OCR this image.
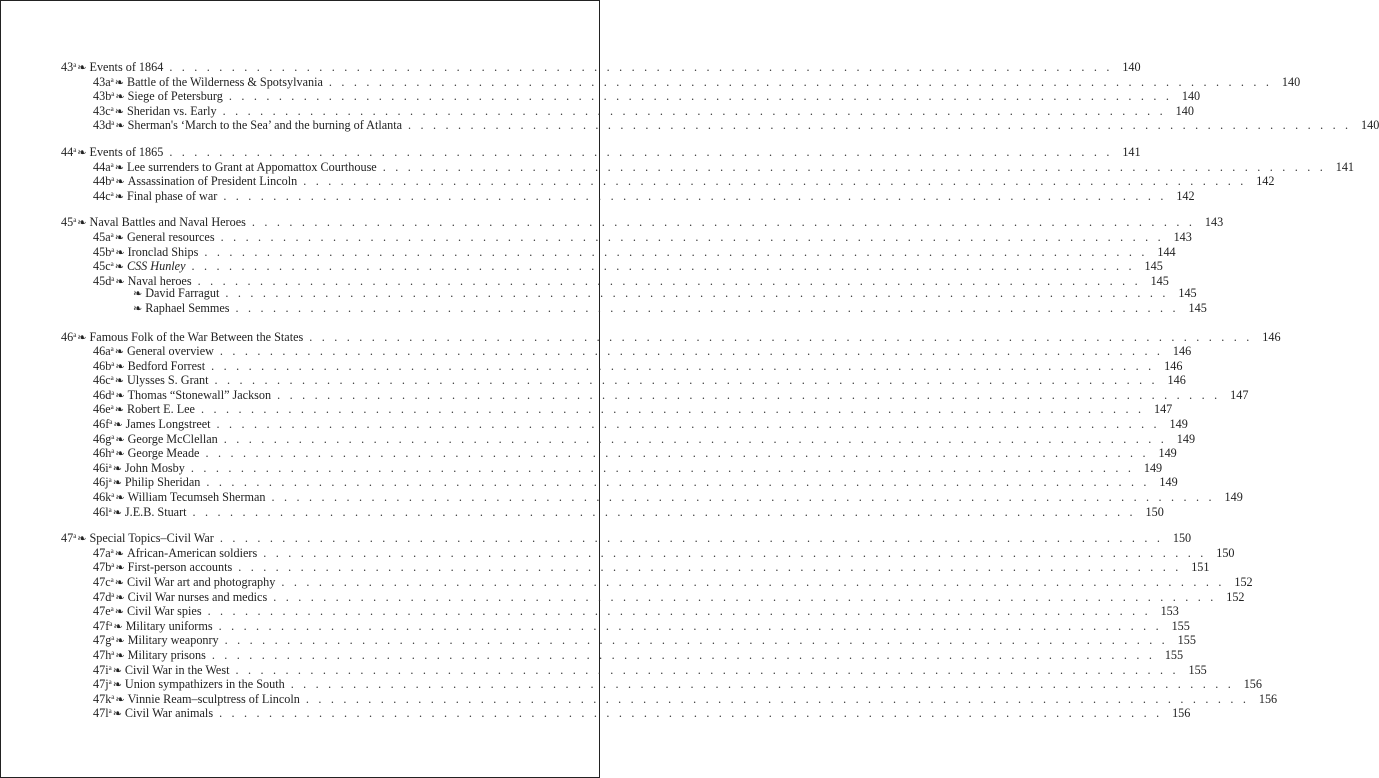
43$^a$ ❧ Events of 1864 . . . . . . . . . . . . . . . . . . . . . . . . . . . . . . . . . . . . . . . . . . . . . . . . . . . . . . . . . . . . . . . . . . . . . . . . . . . . 140
$43a^a$ ❧ Battle of the Wilderness & Spotsylvania . . . . . . . . . . . . . . . . . . . . . . . . . . . . . . . . . . . . . . . . . . . . . . . . . . . . . . . . . . . . . . . . . . . . . . . . . . . . 140
$43b^a$ ❧ Siege of Petersburg . . . . . . . . . . . . . . . . . . . . . . . . . . . . . . . . . . . . . . . . . . . . . . . . . . . . . . . . . . . . . . . . . . . . . . . . . . . . 140
$43c^a$ ❧ Sheridan vs. Early . . . . . . . . . . . . . . . . . . . . . . . . . . . . . . . . . . . . . . . . . . . . . . . . . . . . . . . . . . . . . . . . . . . . . . . . . . . . 140
$43d^a$ ❧ Sherman's ‘March to the Sea’ and the burning of Atlanta . . . . . . . . . . . . . . . . . . . . . . . . . . . . . . . . . . . . . . . . . . . . . . . . . . . . . . . . . . . . . . . . . . . . . . . . . . . . 140
44$^a$ ❧ Events of 1865 . . . . . . . . . . . . . . . . . . . . . . . . . . . . . . . . . . . . . . . . . . . . . . . . . . . . . . . . . . . . . . . . . . . . . . . . . . . . 141
$44a^a$ ❧ Lee surrenders to Grant at Appomattox Courthouse . . . . . . . . . . . . . . . . . . . . . . . . . . . . . . . . . . . . . . . . . . . . . . . . . . . . . . . . . . . . . . . . . . . . . . . . . . . . 141
$44b^a$ ❧ Assassination of President Lincoln . . . . . . . . . . . . . . . . . . . . . . . . . . . . . . . . . . . . . . . . . . . . . . . . . . . . . . . . . . . . . . . . . . . . . . . . . . . . 142
$44c^a$ ❧ Final phase of war . . . . . . . . . . . . . . . . . . . . . . . . . . . . . . . . . . . . . . . . . . . . . . . . . . . . . . . . . . . . . . . . . . . . . . . . . . . . 142
45$^a$ ❧ Naval Battles and Naval Heroes . . . . . . . . . . . . . . . . . . . . . . . . . . . . . . . . . . . . . . . . . . . . . . . . . . . . . . . . . . . . . . . . . . . . . . . . . . . . 143
$45a^a$ ❧ General resources . . . . . . . . . . . . . . . . . . . . . . . . . . . . . . . . . . . . . . . . . . . . . . . . . . . . . . . . . . . . . . . . . . . . . . . . . . . . 143
$45b^a$ ❧ Ironclad Ships . . . . . . . . . . . . . . . . . . . . . . . . . . . . . . . . . . . . . . . . . . . . . . . . . . . . . . . . . . . . . . . . . . . . . . . . . . . . 144
$45c^a$ ❧ CSS Hunley . . . . . . . . . . . . . . . . . . . . . . . . . . . . . . . . . . . . . . . . . . . . . . . . . . . . . . . . . . . . . . . . . . . . . . . . . . . . 145
$45d^a$ ❧ Naval heroes . . . . . . . . . . . . . . . . . . . . . . . . . . . . . . . . . . . . . . . . . . . . . . . . . . . . . . . . . . . . . . . . . . . . . . . . . . . . 145
❧ David Farragut . . . . . . . . . . . . . . . . . . . . . . . . . . . . . . . . . . . . . . . . . . . . . . . . . . . . . . . . . . . . . . . . . . . . . . . . . . . . 145
❧ Raphael Semmes . . . . . . . . . . . . . . . . . . . . . . . . . . . . . . . . . . . . . . . . . . . . . . . . . . . . . . . . . . . . . . . . . . . . . . . . . . . . 145
46$^a$ ❧ Famous Folk of the War Between the States . . . . . . . . . . . . . . . . . . . . . . . . . . . . . . . . . . . . . . . . . . . . . . . . . . . . . . . . . . . . . . . . . . . . . . . . . . . . 146
$46a^a$ ❧ General overview . . . . . . . . . . . . . . . . . . . . . . . . . . . . . . . . . . . . . . . . . . . . . . . . . . . . . . . . . . . . . . . . . . . . . . . . . . . . 146
$46b^a$ ❧ Bedford Forrest . . . . . . . . . . . . . . . . . . . . . . . . . . . . . . . . . . . . . . . . . . . . . . . . . . . . . . . . . . . . . . . . . . . . . . . . . . . . 146
$46c^a$ ❧ Ulysses S. Grant . . . . . . . . . . . . . . . . . . . . . . . . . . . . . . . . . . . . . . . . . . . . . . . . . . . . . . . . . . . . . . . . . . . . . . . . . . . . 146
$46d^a$ ❧ Thomas “Stonewall” Jackson . . . . . . . . . . . . . . . . . . . . . . . . . . . . . . . . . . . . . . . . . . . . . . . . . . . . . . . . . . . . . . . . . . . . . . . . . . . . 147
$46e^a$ ❧ Robert E. Lee . . . . . . . . . . . . . . . . . . . . . . . . . . . . . . . . . . . . . . . . . . . . . . . . . . . . . . . . . . . . . . . . . . . . . . . . . . . . 147
$46f^a$ ❧ James Longstreet . . . . . . . . . . . . . . . . . . . . . . . . . . . . . . . . . . . . . . . . . . . . . . . . . . . . . . . . . . . . . . . . . . . . . . . . . . . . 149
$46g^a$ ❧ George McClellan . . . . . . . . . . . . . . . . . . . . . . . . . . . . . . . . . . . . . . . . . . . . . . . . . . . . . . . . . . . . . . . . . . . . . . . . . . . . 149
$46h^a$ ❧ George Meade . . . . . . . . . . . . . . . . . . . . . . . . . . . . . . . . . . . . . . . . . . . . . . . . . . . . . . . . . . . . . . . . . . . . . . . . . . . . 149
$46i^a$ ❧ John Mosby . . . . . . . . . . . . . . . . . . . . . . . . . . . . . . . . . . . . . . . . . . . . . . . . . . . . . . . . . . . . . . . . . . . . . . . . . . . . 149
$46j^a$ ❧ Philip Sheridan . . . . . . . . . . . . . . . . . . . . . . . . . . . . . . . . . . . . . . . . . . . . . . . . . . . . . . . . . . . . . . . . . . . . . . . . . . . . 149
$46k^a$ ❧ William Tecumseh Sherman . . . . . . . . . . . . . . . . . . . . . . . . . . . . . . . . . . . . . . . . . . . . . . . . . . . . . . . . . . . . . . . . . . . . . . . . . . . . 149
$46l^a$ ❧ J.E.B. Stuart . . . . . . . . . . . . . . . . . . . . . . . . . . . . . . . . . . . . . . . . . . . . . . . . . . . . . . . . . . . . . . . . . . . . . . . . . . . . 150
47$^a$ ❧ Special Topics–Civil War . . . . . . . . . . . . . . . . . . . . . . . . . . . . . . . . . . . . . . . . . . . . . . . . . . . . . . . . . . . . . . . . . . . . . . . . . . . . 150
$47a^a$ ❧ African-American soldiers . . . . . . . . . . . . . . . . . . . . . . . . . . . . . . . . . . . . . . . . . . . . . . . . . . . . . . . . . . . . . . . . . . . . . . . . . . . . 150
$47b^a$ ❧ First-person accounts . . . . . . . . . . . . . . . . . . . . . . . . . . . . . . . . . . . . . . . . . . . . . . . . . . . . . . . . . . . . . . . . . . . . . . . . . . . . 151
$47c^a$ ❧ Civil War art and photography . . . . . . . . . . . . . . . . . . . . . . . . . . . . . . . . . . . . . . . . . . . . . . . . . . . . . . . . . . . . . . . . . . . . . . . . . . . . 152
$47d^a$ ❧ Civil War nurses and medics . . . . . . . . . . . . . . . . . . . . . . . . . . . . . . . . . . . . . . . . . . . . . . . . . . . . . . . . . . . . . . . . . . . . . . . . . . . . 152
$47e^a$ ❧ Civil War spies . . . . . . . . . . . . . . . . . . . . . . . . . . . . . . . . . . . . . . . . . . . . . . . . . . . . . . . . . . . . . . . . . . . . . . . . . . . . 153
$47f^a$ ❧ Military uniforms . . . . . . . . . . . . . . . . . . . . . . . . . . . . . . . . . . . . . . . . . . . . . . . . . . . . . . . . . . . . . . . . . . . . . . . . . . . . 155
$47g^a$ ❧ Military weaponry . . . . . . . . . . . . . . . . . . . . . . . . . . . . . . . . . . . . . . . . . . . . . . . . . . . . . . . . . . . . . . . . . . . . . . . . . . . . 155
$47h^a$ ❧ Military prisons . . . . . . . . . . . . . . . . . . . . . . . . . . . . . . . . . . . . . . . . . . . . . . . . . . . . . . . . . . . . . . . . . . . . . . . . . . . . 155
$47i^a$ ❧ Civil War in the West . . . . . . . . . . . . . . . . . . . . . . . . . . . . . . . . . . . . . . . . . . . . . . . . . . . . . . . . . . . . . . . . . . . . . . . . . . . . 155
$47j^a$ ❧ Union sympathizers in the South . . . . . . . . . . . . . . . . . . . . . . . . . . . . . . . . . . . . . . . . . . . . . . . . . . . . . . . . . . . . . . . . . . . . . . . . . . . . 156
$47k^a$ ❧ Vinnie Ream–sculptress of Lincoln . . . . . . . . . . . . . . . . . . . . . . . . . . . . . . . . . . . . . . . . . . . . . . . . . . . . . . . . . . . . . . . . . . . . . . . . . . . . 156
$47l^a$ ❧ Civil War animals . . . . . . . . . . . . . . . . . . . . . . . . . . . . . . . . . . . . . . . . . . . . . . . . . . . . . . . . . . . . . . . . . . . . . . . . . . . . 156
